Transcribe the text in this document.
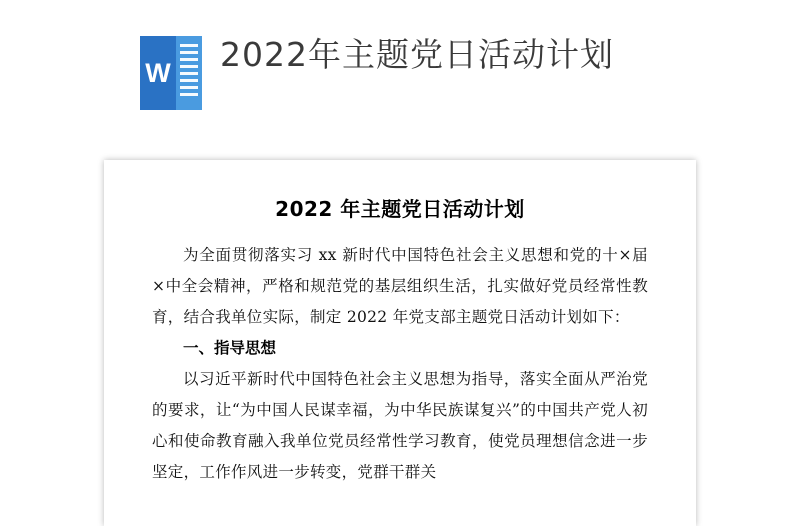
W 2022年主题党日活动计划
2022 年主题党日活动计划

为全面贯彻落实习 xx 新时代中国特色社会主义思想和党的十×届×中全会精神，严格和规范党的基层组织生活，扎实做好党员经常性教育，结合我单位实际，制定 2022 年党支部主题党日活动计划如下：

一、指导思想

以习近平新时代中国特色社会主义思想为指导，落实全面从严治党的要求，让“为中国人民谋幸福，为中华民族谋复兴”的中国共产党人初心和使命教育融入我单位党员经常性学习教育，使党员理想信念进一步坚定，工作作风进一步转变，党群干群关
